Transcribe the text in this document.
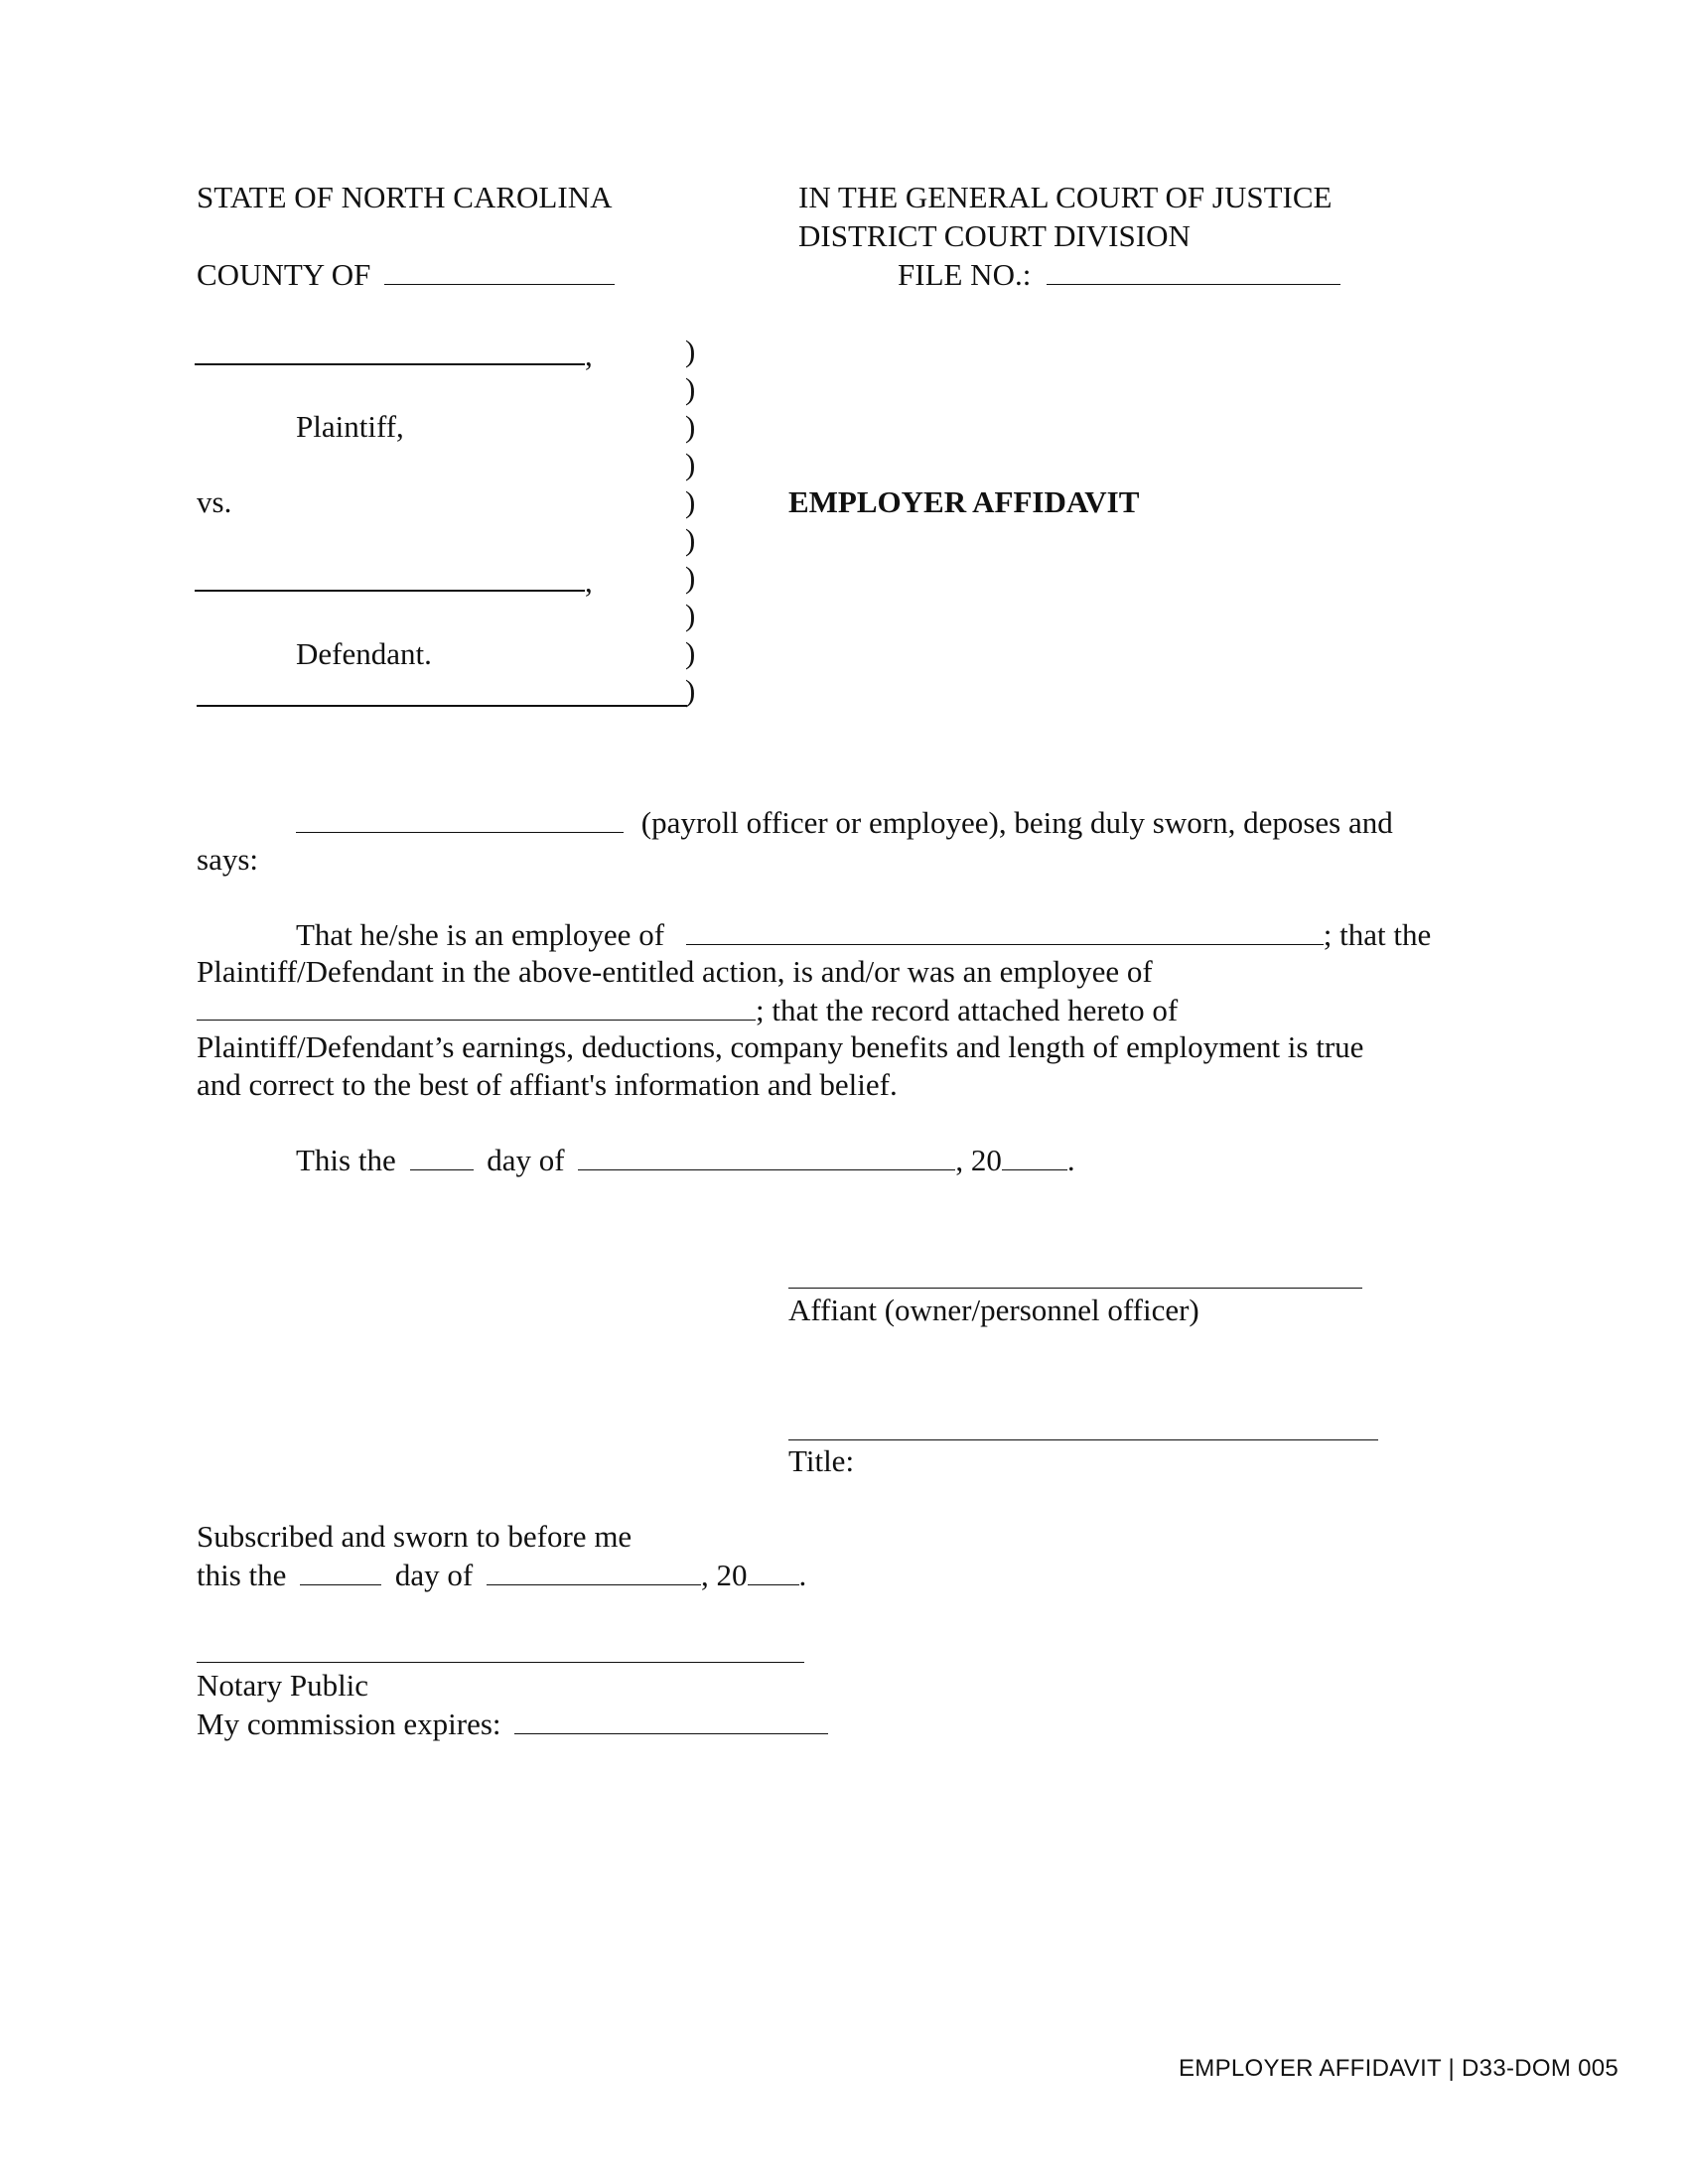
STATE OF NORTH CAROLINA
COUNTY OF
IN THE GENERAL COURT OF JUSTICE
DISTRICT COURT DIVISION
FILE NO.:
,
Plaintiff,
vs.
,
Defendant.
)
)
)
)
)
)
)
)
)
)
EMPLOYER AFFIDAVIT
(payroll officer or employee), being duly sworn, deposes and
says:
That he/she is an employee of	; that the
Plaintiff/Defendant in the above-entitled action, is and/or was an employee of
; that the record attached hereto of
Plaintiff/Defendant’s earnings, deductions, company benefits and length of employment is true
and correct to the best of affiant's information and belief.
This the	day of	, 20 .
Affiant (owner/personnel officer)
Title:
Subscribed and sworn to before me
this the	day of	, 20 .
Notary Public
My commission expires:
EMPLOYER AFFIDAVIT | D33-DOM 005
